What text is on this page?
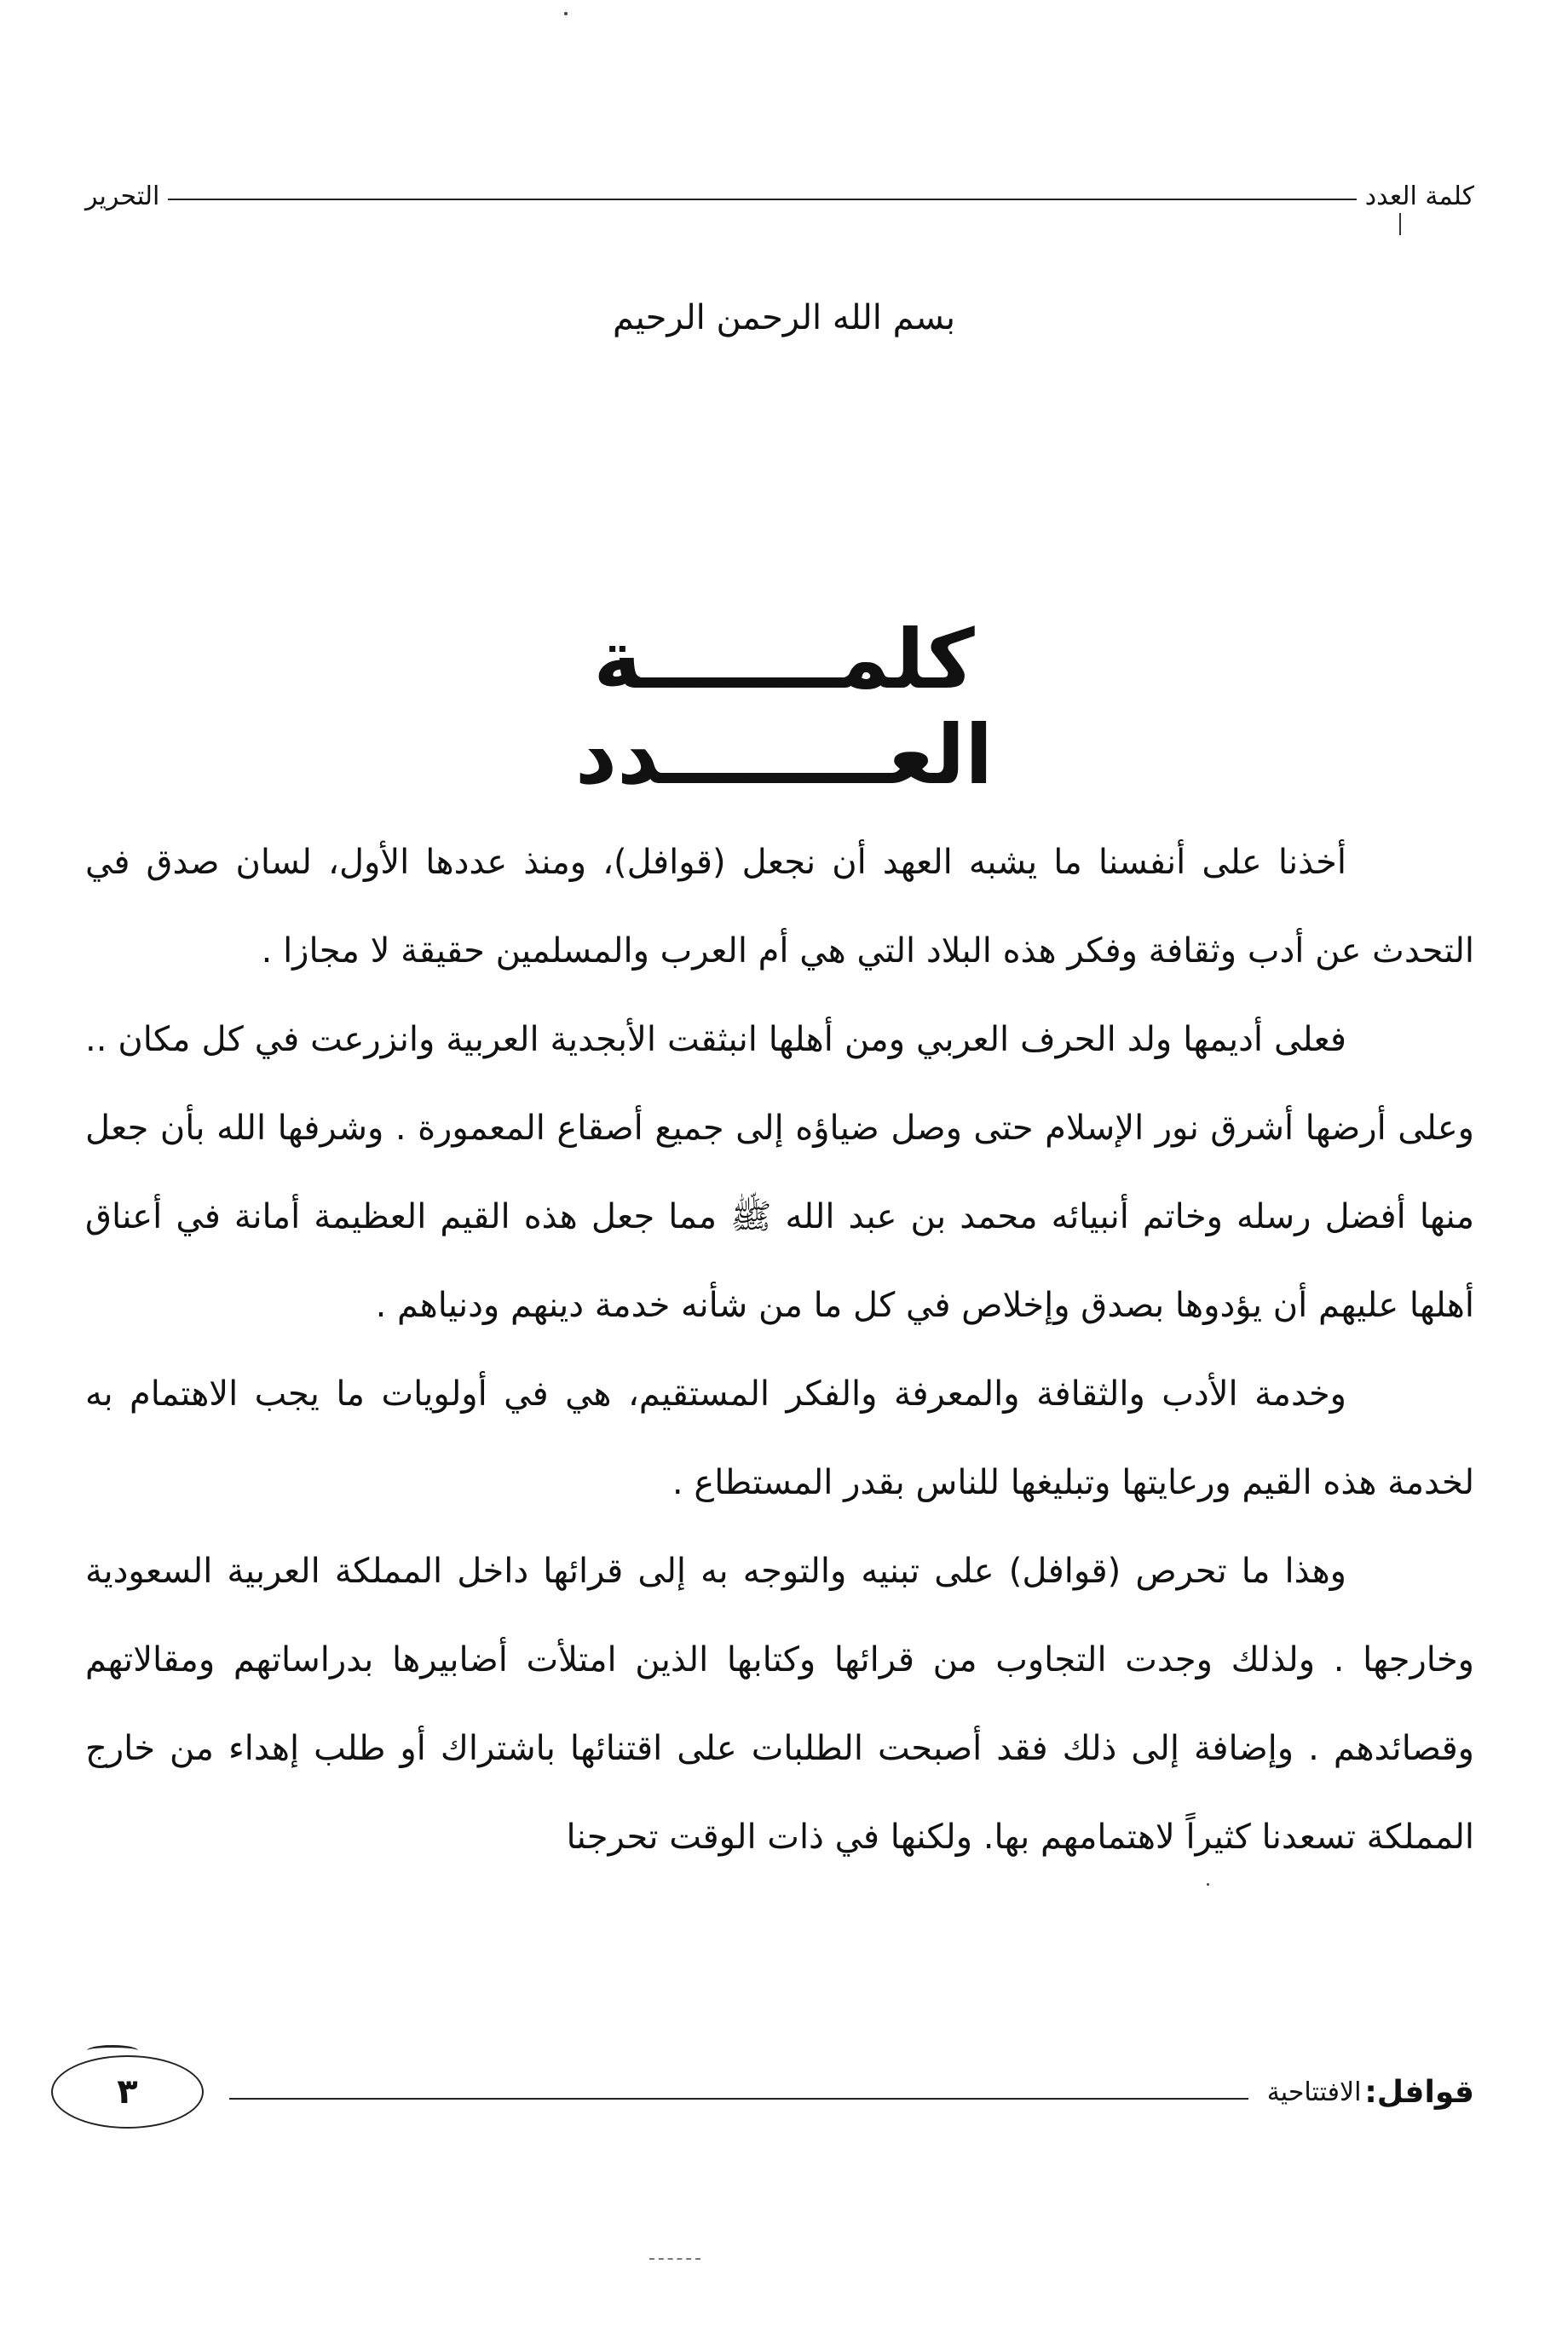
كلمة العدد
التحرير
بسم الله الرحمن الرحيم
كلمـــــــة العــــــــدد

أخذنا على أنفسنا ما يشبه العهد أن نجعل (قوافل)، ومنذ عددها الأول، لسان صدق في التحدث عن أدب وثقافة وفكر هذه البلاد التي هي أم العرب والمسلمين حقيقة لا مجازا .

فعلى أديمها ولد الحرف العربي ومن أهلها انبثقت الأبجدية العربية وانزرعت في كل مكان .. وعلى أرضها أشرق نور الإسلام حتى وصل ضياؤه إلى جميع أصقاع المعمورة . وشرفها الله بأن جعل منها أفضل رسله وخاتم أنبيائه محمد بن عبد الله ﷺ مما جعل هذه القيم العظيمة أمانة في أعناق أهلها عليهم أن يؤدوها بصدق وإخلاص في كل ما من شأنه خدمة دينهم ودنياهم .

وخدمة الأدب والثقافة والمعرفة والفكر المستقيم، هي في أولويات ما يجب الاهتمام به لخدمة هذه القيم ورعايتها وتبليغها للناس بقدر المستطاع .

وهذا ما تحرص (قوافل) على تبنيه والتوجه به إلى قرائها داخل المملكة العربية السعودية وخارجها . ولذلك وجدت التجاوب من قرائها وكتابها الذين امتلأت أضابيرها بدراساتهم ومقالاتهم وقصائدهم . وإضافة إلى ذلك فقد أصبحت الطلبات على اقتنائها باشتراك أو طلب إهداء من خارج المملكة تسعدنا كثيراً لاهتمامهم بها. ولكنها في ذات الوقت تحرجنا

قوافل:
الافتتاحية
٣
